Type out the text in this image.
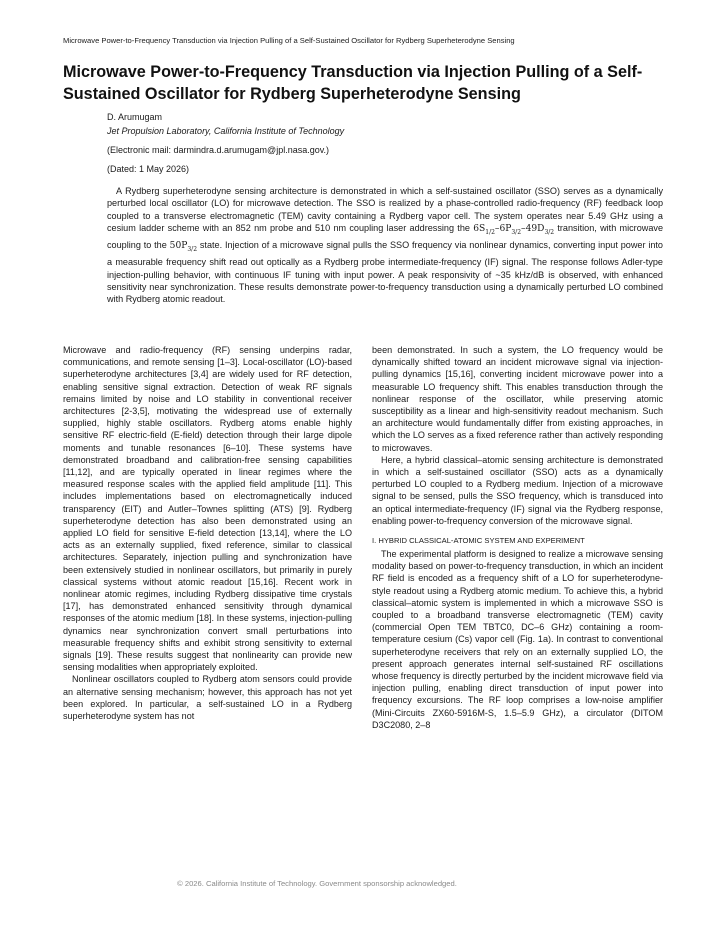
Microwave Power-to-Frequency Transduction via Injection Pulling of a Self-Sustained Oscillator for Rydberg Superheterodyne Sensing
Microwave Power-to-Frequency Transduction via Injection Pulling of a Self-Sustained Oscillator for Rydberg Superheterodyne Sensing
D. Arumugam
Jet Propulsion Laboratory, California Institute of Technology
(Electronic mail: darmindra.d.arumugam@jpl.nasa.gov.)
(Dated: 1 May 2026)

A Rydberg superheterodyne sensing architecture is demonstrated in which a self-sustained oscillator (SSO) serves as a dynamically perturbed local oscillator (LO) for microwave detection. The SSO is realized by a phase-controlled radio-frequency (RF) feedback loop coupled to a transverse electromagnetic (TEM) cavity containing a Rydberg vapor cell. The system operates near 5.49 GHz using a cesium ladder scheme with an 852 nm probe and 510 nm coupling laser addressing the $6S_{1/2}-6P_{3/2}-49D_{3/2}$ transition, with microwave coupling to the $50P_{3/2}$ state. Injection of a microwave signal pulls the SSO frequency via nonlinear dynamics, converting input power into a measurable frequency shift read out optically as a Rydberg probe intermediate-frequency (IF) signal. The response follows Adler-type injection-pulling behavior, with continuous IF tuning with input power. A peak responsivity of ~35 kHz/dB is observed, with enhanced sensitivity near synchronization. These results demonstrate power-to-frequency transduction using a dynamically perturbed LO combined with Rydberg atomic readout.

Microwave and radio-frequency (RF) sensing underpins radar, communications, and remote sensing [1–3]. Local-oscillator (LO)-based superheterodyne architectures [3,4] are widely used for RF detection, enabling sensitive signal extraction. Detection of weak RF signals remains limited by noise and LO stability in conventional receiver architectures [2-3,5], motivating the widespread use of externally supplied, highly stable oscillators. Rydberg atoms enable highly sensitive RF electric-field (E-field) detection through their large dipole moments and tunable resonances [6–10]. These systems have demonstrated broadband and calibration-free sensing capabilities [11,12], and are typically operated in linear regimes where the measured response scales with the applied field amplitude [11]. This includes implementations based on electromagnetically induced transparency (EIT) and Autler–Townes splitting (ATS) [9]. Rydberg superheterodyne detection has also been demonstrated using an applied LO field for sensitive E-field detection [13,14], where the LO acts as an externally supplied, fixed reference, similar to classical architectures. Separately, injection pulling and synchronization have been extensively studied in nonlinear oscillators, but primarily in purely classical systems without atomic readout [15,16]. Recent work in nonlinear atomic regimes, including Rydberg dissipative time crystals [17], has demonstrated enhanced sensitivity through dynamical responses of the atomic medium [18]. In these systems, injection-pulling dynamics near synchronization convert small perturbations into measurable frequency shifts and exhibit strong sensitivity to external signals [19]. These results suggest that nonlinearity can provide new sensing modalities when appropriately exploited.

Nonlinear oscillators coupled to Rydberg atom sensors could provide an alternative sensing mechanism; however, this approach has not yet been explored. In particular, a self-sustained LO in a Rydberg superheterodyne system has not

been demonstrated. In such a system, the LO frequency would be dynamically shifted toward an incident microwave signal via injection-pulling dynamics [15,16], converting incident microwave power into a measurable LO frequency shift. This enables transduction through the nonlinear response of the oscillator, while preserving atomic susceptibility as a linear and high-sensitivity readout mechanism. Such an architecture would fundamentally differ from existing approaches, in which the LO serves as a fixed reference rather than actively responding to microwaves.

Here, a hybrid classical–atomic sensing architecture is demonstrated in which a self-sustained oscillator (SSO) acts as a dynamically perturbed LO coupled to a Rydberg medium. Injection of a microwave signal to be sensed, pulls the SSO frequency, which is transduced into an optical intermediate-frequency (IF) signal via the Rydberg response, enabling power-to-frequency conversion of the microwave signal.

I. HYBRID CLASSICAL-ATOMIC SYSTEM AND EXPERIMENT

The experimental platform is designed to realize a microwave sensing modality based on power-to-frequency transduction, in which an incident RF field is encoded as a frequency shift of a LO for superheterodyne-style readout using a Rydberg atomic medium. To achieve this, a hybrid classical–atomic system is implemented in which a microwave SSO is coupled to a broadband transverse electromagnetic (TEM) cavity (commercial Open TEM TBTC0, DC–6 GHz) containing a room-temperature cesium (Cs) vapor cell (Fig. 1a). In contrast to conventional superheterodyne receivers that rely on an externally supplied LO, the present approach generates internal self-sustained RF oscillations whose frequency is directly perturbed by the incident microwave field via injection pulling, enabling direct transduction of input power into frequency excursions. The RF loop comprises a low-noise amplifier (Mini-Circuits ZX60-5916M-S, 1.5–5.9 GHz), a circulator (DITOM D3C2080, 2–8

© 2026. California Institute of Technology. Government sponsorship acknowledged.
